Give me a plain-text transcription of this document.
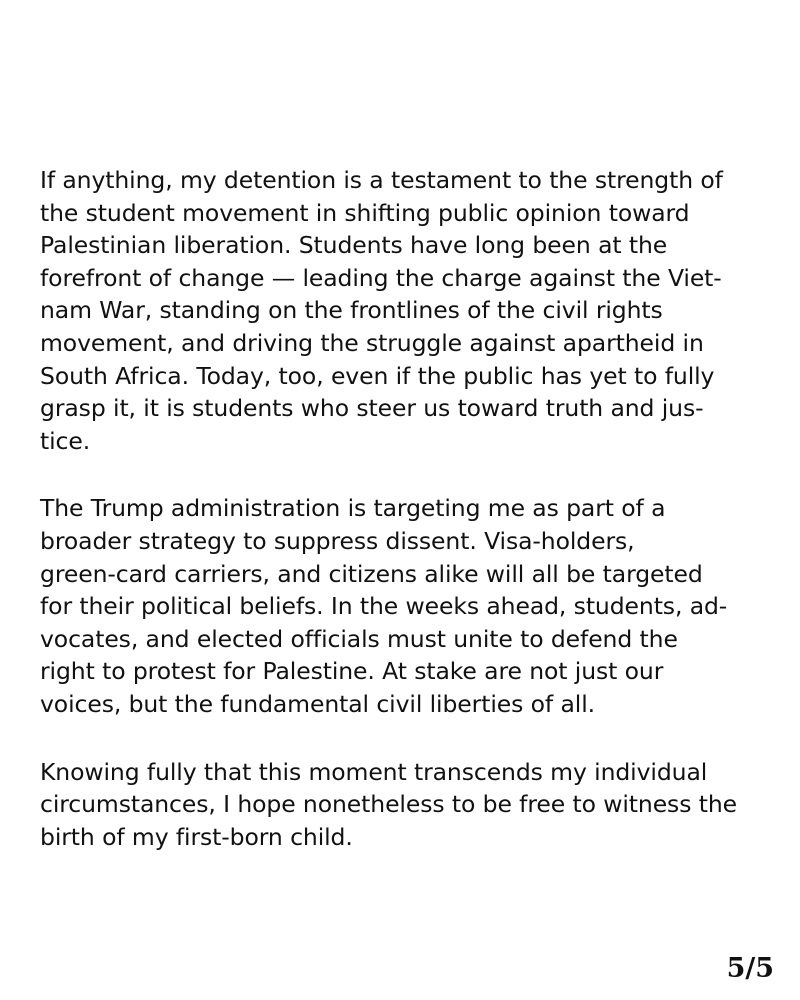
If anything, my detention is a testament to the strength of
the student movement in shifting public opinion toward
Palestinian liberation. Students have long been at the
forefront of change — leading the charge against the Viet-
nam War, standing on the frontlines of the civil rights
movement, and driving the struggle against apartheid in
South Africa. Today, too, even if the public has yet to fully
grasp it, it is students who steer us toward truth and jus-
tice.

The Trump administration is targeting me as part of a
broader strategy to suppress dissent. Visa-holders,
green-card carriers, and citizens alike will all be targeted
for their political beliefs. In the weeks ahead, students, ad-
vocates, and elected officials must unite to defend the
right to protest for Palestine. At stake are not just our
voices, but the fundamental civil liberties of all.

Knowing fully that this moment transcends my individual
circumstances, I hope nonetheless to be free to witness the
birth of my first-born child.

5/5
